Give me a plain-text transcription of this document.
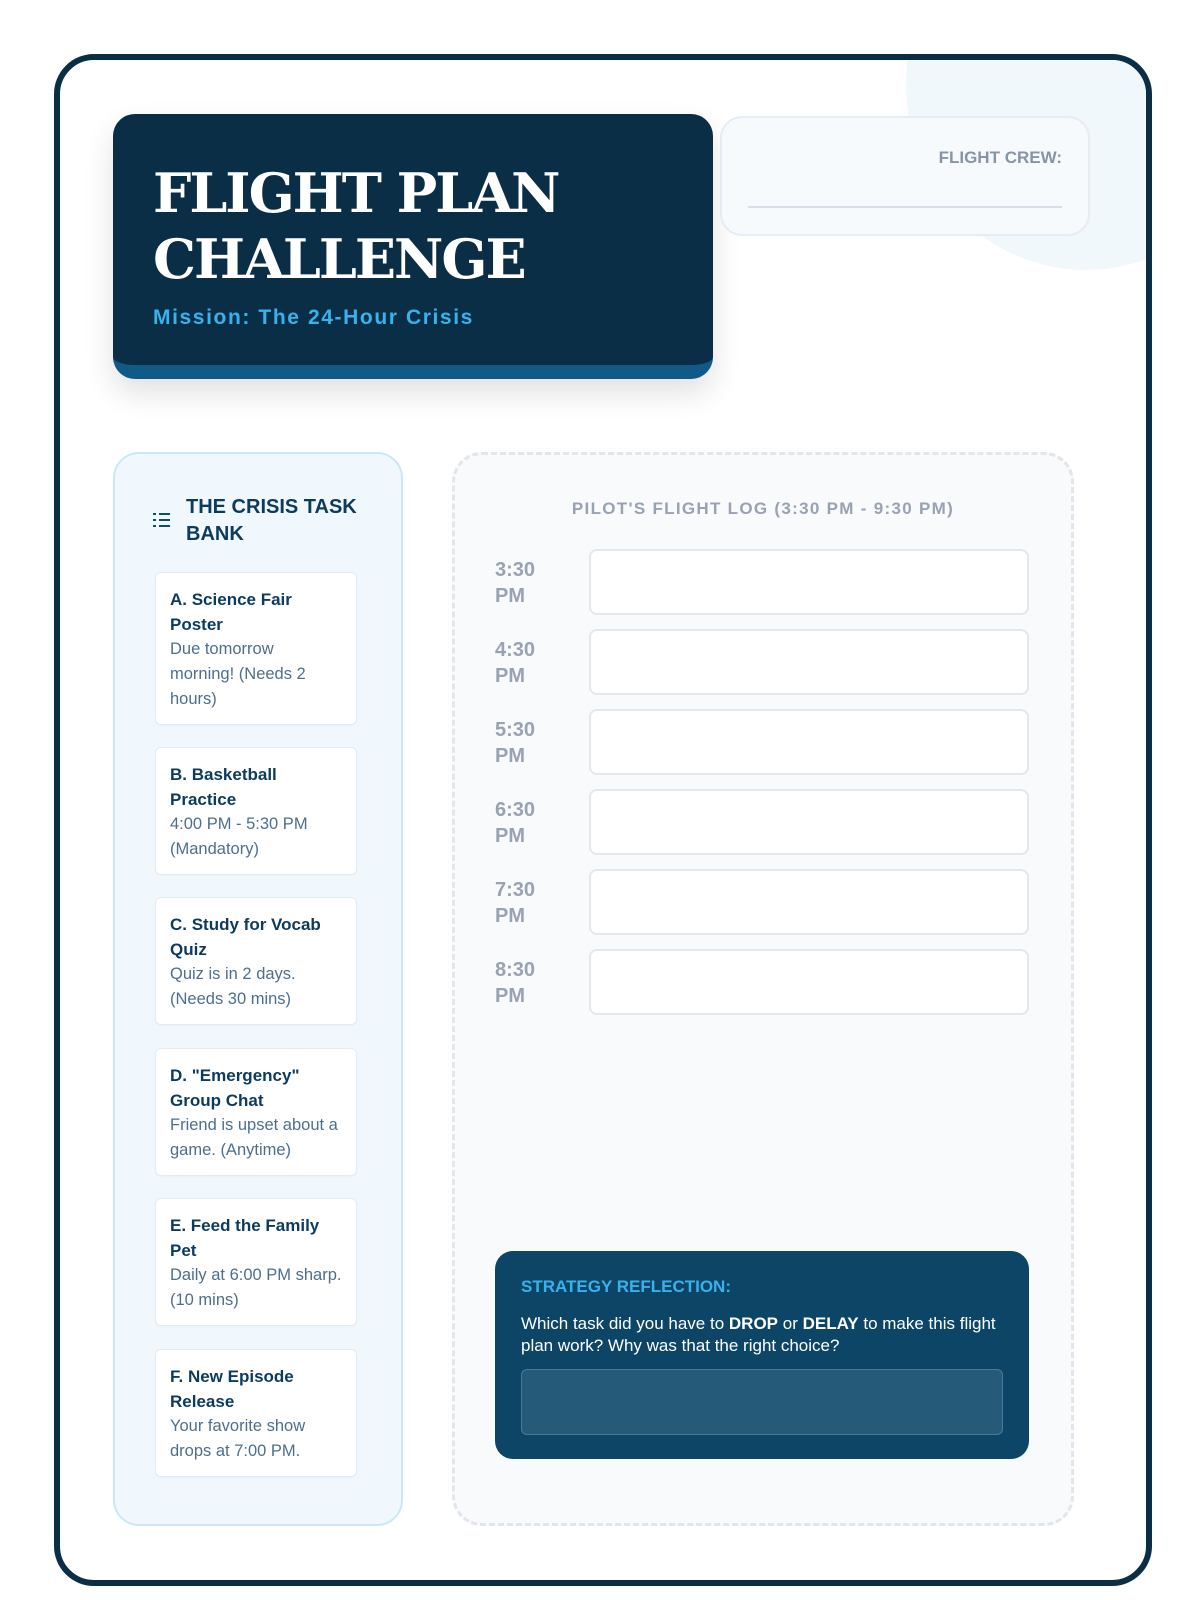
FLIGHT PLAN
CHALLENGE
Mission: The 24-Hour Crisis
FLIGHT CREW:
THE CRISIS TASK BANK
A. Science Fair Poster
Due tomorrow morning! (Needs 2 hours)
B. Basketball Practice
4:00 PM - 5:30 PM (Mandatory)
C. Study for Vocab Quiz
Quiz is in 2 days. (Needs 30 mins)
D. "Emergency" Group Chat
Friend is upset about a game. (Anytime)
E. Feed the Family Pet
Daily at 6:00 PM sharp. (10 mins)
F. New Episode Release
Your favorite show drops at 7:00 PM.
PILOT'S FLIGHT LOG (3:30 PM - 9:30 PM)
3:30
PM
4:30
PM
5:30
PM
6:30
PM
7:30
PM
8:30
PM
STRATEGY REFLECTION:
Which task did you have to DROP or DELAY to make this flight plan work? Why was that the right choice?
